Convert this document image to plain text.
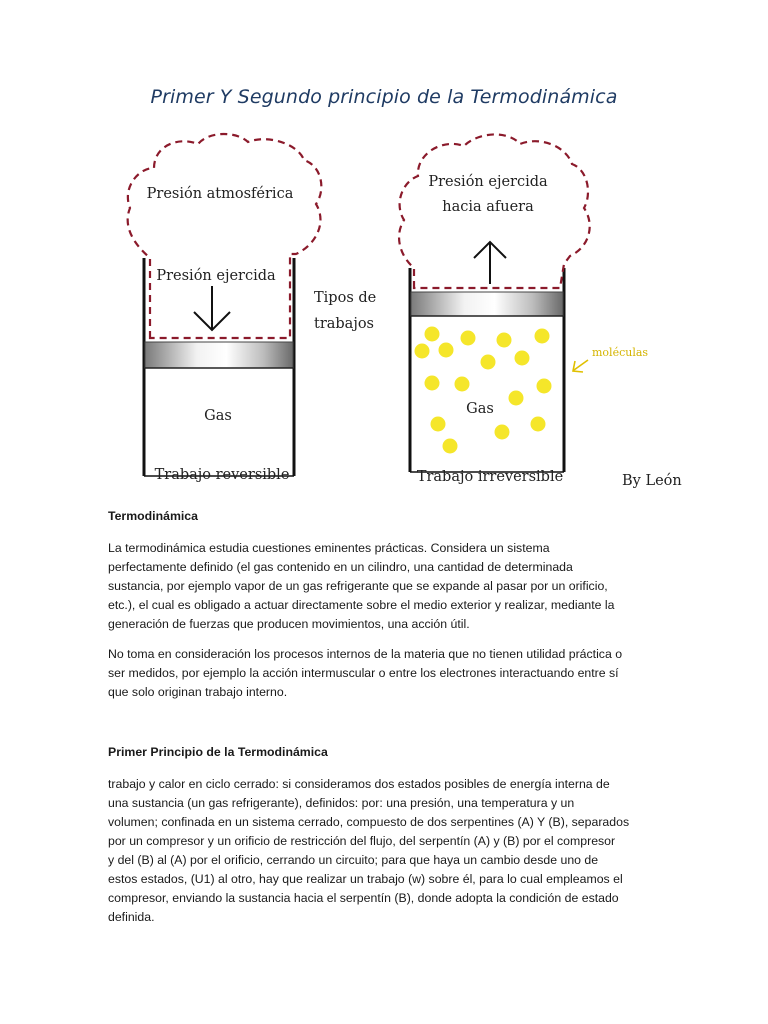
Primer Y Segundo principio de la Termodinámica
Presión atmosférica
Presión ejercida
Gas
Trabajo reversible
Tipos de
trabajos
Presión ejercida
hacia afuera
Gas
moléculas
Trabajo irreversible	By León
Termodinámica
La termodinámica estudia cuestiones eminentes prácticas. Considera un sistema
perfectamente definido (el gas contenido en un cilindro, una cantidad de determinada
sustancia, por ejemplo vapor de un gas refrigerante que se expande al pasar por un orificio,
etc.), el cual es obligado a actuar directamente sobre el medio exterior y realizar, mediante la
generación de fuerzas que producen movimientos, una acción útil.
No toma en consideración los procesos internos de la materia que no tienen utilidad práctica o
ser medidos, por ejemplo la acción intermuscular o entre los electrones interactuando entre sí
que solo originan trabajo interno.
Primer Principio de la Termodinámica
trabajo y calor en ciclo cerrado: si consideramos dos estados posibles de energía interna de
una sustancia (un gas refrigerante), definidos: por: una presión, una temperatura y un
volumen; confinada en un sistema cerrado, compuesto de dos serpentines (A) Y (B), separados
por un compresor y un orificio de restricción del flujo, del serpentín (A) y (B) por el compresor
y del (B) al (A) por el orificio, cerrando un circuito; para que haya un cambio desde uno de
estos estados, (U1) al otro, hay que realizar un trabajo (w) sobre él, para lo cual empleamos el
compresor, enviando la sustancia hacia el serpentín (B), donde adopta la condición de estado
definida.
